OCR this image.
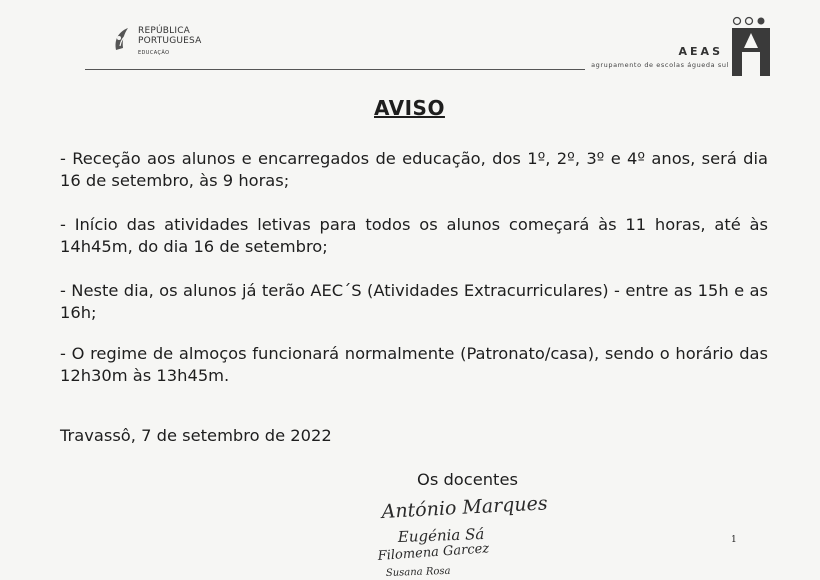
REPÚBLICA
PORTUGUESA
EDUCAÇÃO	AEAS
agrupamento de escolas águeda sul
AVISO
- Receção aos alunos e encarregados de educação, dos 1º, 2º, 3º e 4º anos, será dia 16 de setembro, às 9 horas;
- Início das atividades letivas para todos os alunos começará às 11 horas, até às 14h45m, do dia 16 de setembro;
- Neste dia, os alunos já terão AEC´S (Atividades Extracurriculares) - entre as 15h e as 16h;
- O regime de almoços funcionará normalmente (Patronato/casa), sendo o horário das 12h30m às 13h45m.
Travassô, 7 de setembro de 2022
Os docentes
António Marques
Eugénia Sá
Filomena Garcez
Susana Rosa
1
